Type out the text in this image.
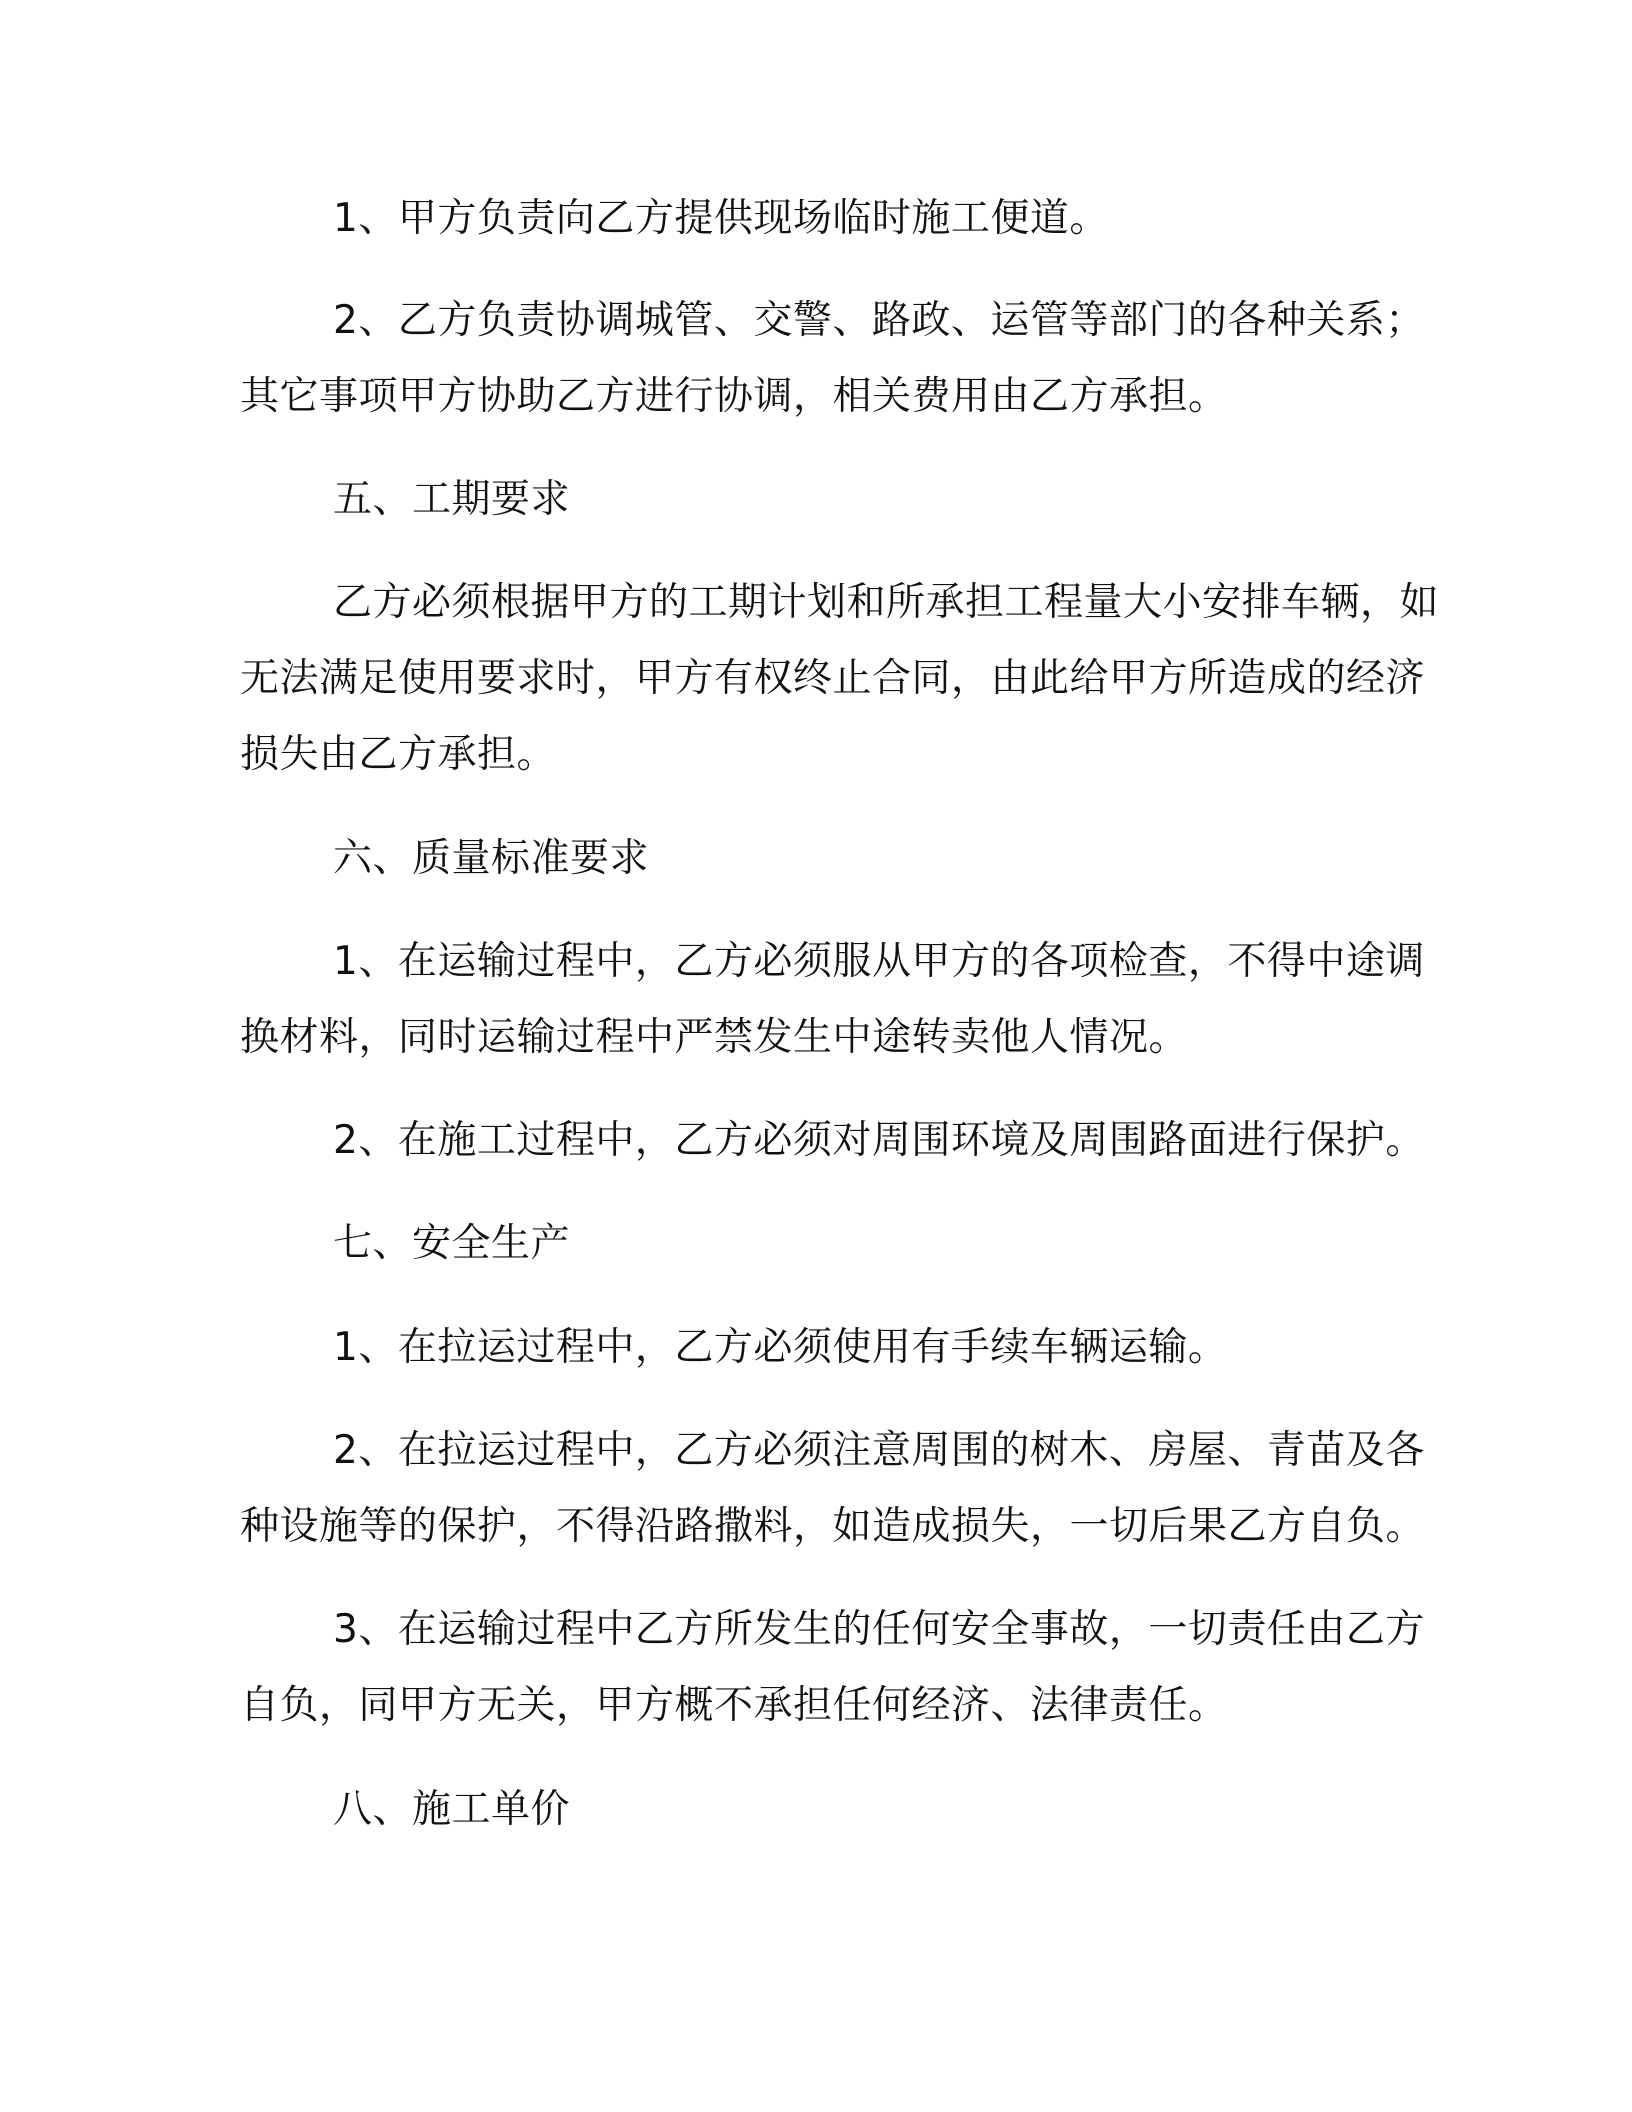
1、甲方负责向乙方提供现场临时施工便道。
2、乙方负责协调城管、交警、路政、运管等部门的各种关系；
其它事项甲方协助乙方进行协调，相关费用由乙方承担。
五、工期要求
乙方必须根据甲方的工期计划和所承担工程量大小安排车辆，如
无法满足使用要求时，甲方有权终止合同，由此给甲方所造成的经济
损失由乙方承担。
六、质量标准要求
1、在运输过程中，乙方必须服从甲方的各项检查，不得中途调
换材料，同时运输过程中严禁发生中途转卖他人情况。
2、在施工过程中，乙方必须对周围环境及周围路面进行保护。
七、安全生产
1、在拉运过程中，乙方必须使用有手续车辆运输。
2、在拉运过程中，乙方必须注意周围的树木、房屋、青苗及各
种设施等的保护，不得沿路撒料，如造成损失，一切后果乙方自负。
3、在运输过程中乙方所发生的任何安全事故，一切责任由乙方
自负，同甲方无关，甲方概不承担任何经济、法律责任。
八、施工单价
